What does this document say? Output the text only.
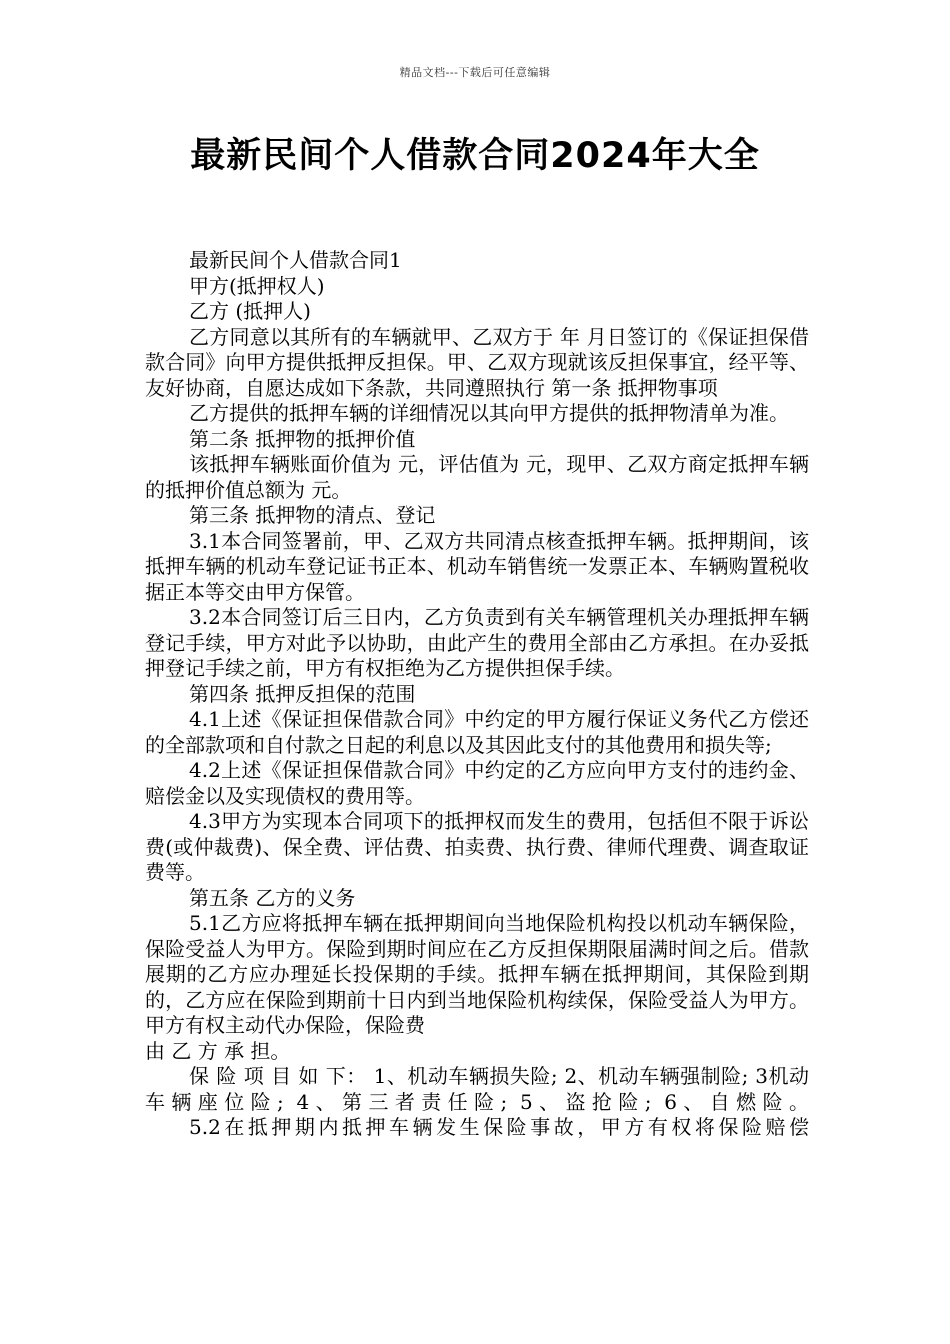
精品文档---下载后可任意编辑
最新民间个人借款合同2024年大全

最新民间个人借款合同1

甲方(抵押权人)

乙方 (抵押人)

乙方同意以其所有的车辆就甲、乙双方于 年 月日签订的《保证担保借款合同》向甲方提供抵押反担保。甲、乙双方现就该反担保事宜，经平等、友好协商，自愿达成如下条款，共同遵照执行 第一条 抵押物事项

乙方提供的抵押车辆的详细情况以其向甲方提供的抵押物清单为准。

第二条 抵押物的抵押价值

该抵押车辆账面价值为 元，评估值为 元，现甲、乙双方商定抵押车辆的抵押价值总额为 元。

第三条 抵押物的清点、登记

3.1本合同签署前，甲、乙双方共同清点核查抵押车辆。抵押期间，该抵押车辆的机动车登记证书正本、机动车销售统一发票正本、车辆购置税收据正本等交由甲方保管。

3.2本合同签订后三日内，乙方负责到有关车辆管理机关办理抵押车辆登记手续，甲方对此予以协助，由此产生的费用全部由乙方承担。在办妥抵押登记手续之前，甲方有权拒绝为乙方提供担保手续。

第四条 抵押反担保的范围

4.1上述《保证担保借款合同》中约定的甲方履行保证义务代乙方偿还的全部款项和自付款之日起的利息以及其因此支付的其他费用和损失等;

4.2上述《保证担保借款合同》中约定的乙方应向甲方支付的违约金、赔偿金以及实现债权的费用等。

4.3甲方为实现本合同项下的抵押权而发生的费用，包括但不限于诉讼费(或仲裁费)、保全费、评估费、拍卖费、执行费、律师代理费、调查取证费等。

第五条 乙方的义务

5.1乙方应将抵押车辆在抵押期间向当地保险机构投以机动车辆保险，保险受益人为甲方。保险到期时间应在乙方反担保期限届满时间之后。借款展期的乙方应办理延长投保期的手续。抵押车辆在抵押期间，其保险到期的，乙方应在保险到期前十日内到当地保险机构续保，保险受益人为甲方。甲方有权主动代办保险，保险费

由 乙 方 承 担。

保 险 项 目 如 下： 1、机动车辆损失险; 2、机动车辆强制险; 3机动车辆座位险; 4、第三者责任险; 5、盗抢险; 6、自燃险。

5.2在抵押期内抵押车辆发生保险事故，甲方有权将保险赔偿
